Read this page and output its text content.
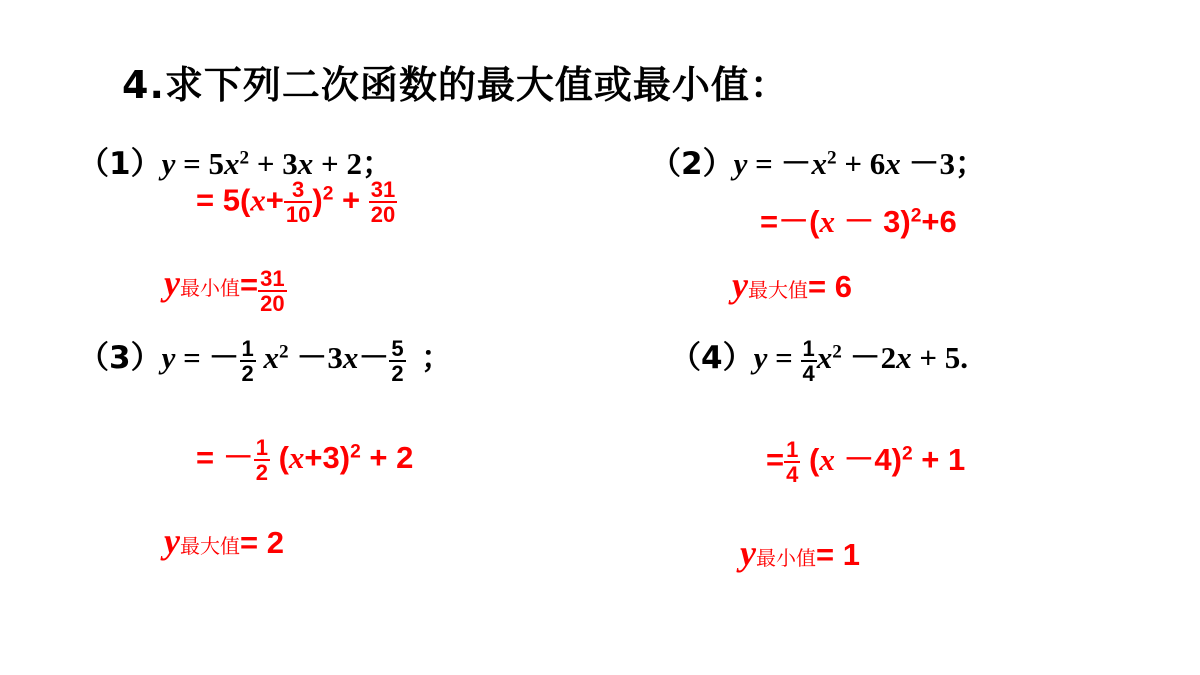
4.求下列二次函数的最大值或最小值：
$(1)y = 5x^2 + 3x + 2$；
= $5(x+ \frac{3}{10} )^2 + \frac{31}{20}$
y最小值= $\frac{31}{20}$
$(2)y = -x^2 + 6x -3$；
$=-(x - 3)^2+6$
y最大值= 6
（3）y = － $\frac{1}{2} x^2 -3x- \frac{5}{2}$ ；
= － $\frac{1}{2} (x+3)^2 + 2$
y最大值= 2
$(4)y = \frac{1}{4} x^2 -2x + 5$.
= $\frac{1}{4} (x -4)^2 + 1$
y最小值= 1
